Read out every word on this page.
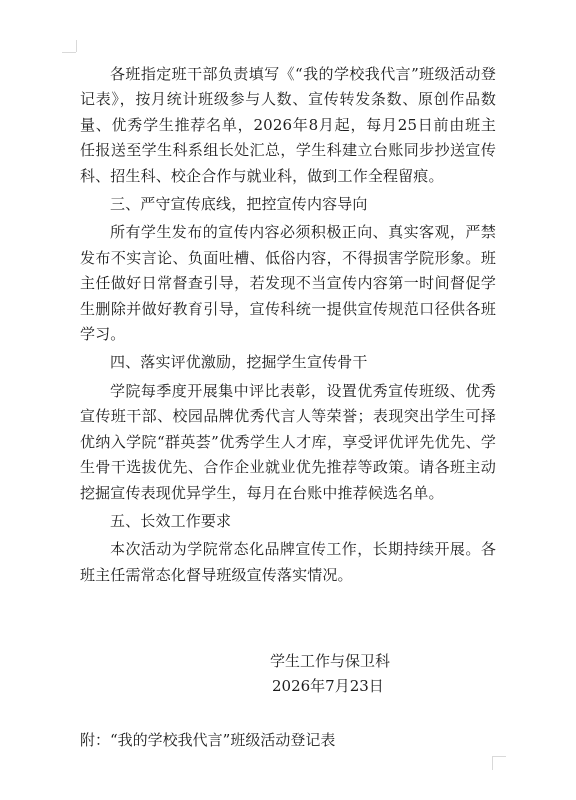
各班指定班干部负责填写《“我的学校我代言”班级活动登记表》，按月统计班级参与人数、宣传转发条数、原创作品数量、优秀学生推荐名单，2026年8月起，每月25日前由班主任报送至学生科系组长处汇总，学生科建立台账同步抄送宣传科、招生科、校企合作与就业科，做到工作全程留痕。

三、严守宣传底线，把控宣传内容导向

所有学生发布的宣传内容必须积极正向、真实客观，严禁发布不实言论、负面吐槽、低俗内容，不得损害学院形象。班主任做好日常督查引导，若发现不当宣传内容第一时间督促学生删除并做好教育引导，宣传科统一提供宣传规范口径供各班学习。

四、落实评优激励，挖掘学生宣传骨干

学院每季度开展集中评比表彰，设置优秀宣传班级、优秀宣传班干部、校园品牌优秀代言人等荣誉；表现突出学生可择优纳入学院“群英荟”优秀学生人才库，享受评优评先优先、学生骨干选拔优先、合作企业就业优先推荐等政策。请各班主动挖掘宣传表现优异学生，每月在台账中推荐候选名单。

五、长效工作要求

本次活动为学院常态化品牌宣传工作，长期持续开展。各班主任需常态化督导班级宣传落实情况。

学生工作与保卫科
2026年7月23日
附：“我的学校我代言”班级活动登记表
